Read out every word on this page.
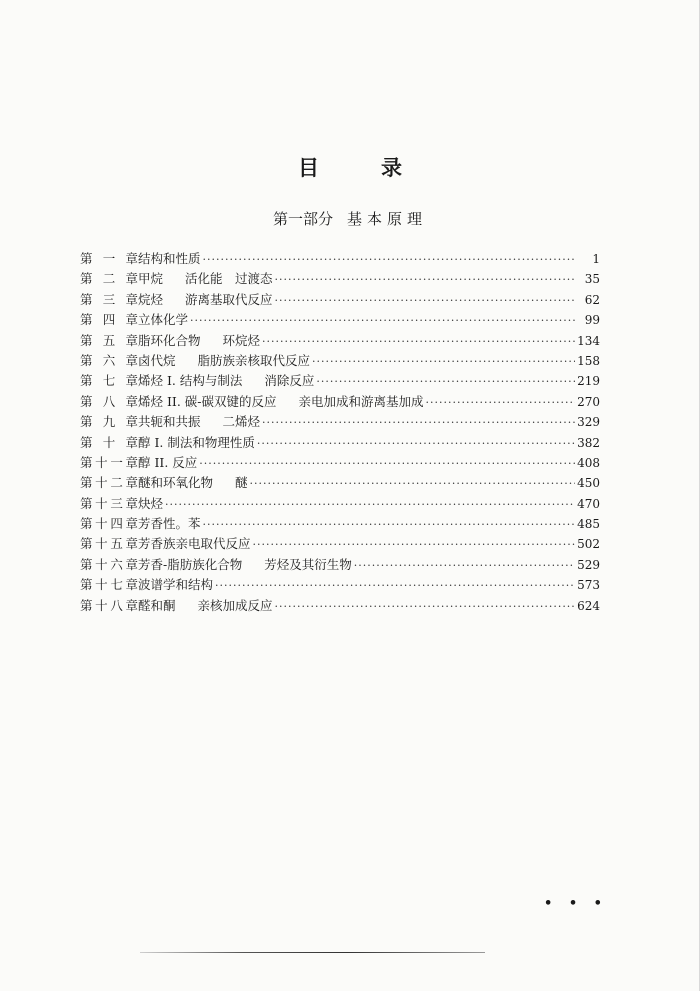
目录
第一部分 基本原理
第一章 结构和性质 ·····	1
第二章 甲烷 活化能　过渡态 ·····	35
第三章 烷烃 游离基取代反应 ·····	62
第四章 立体化学 ·····	99
第五章 脂环化合物 环烷烃 ·····	134
第六章 卤代烷 脂肪族亲核取代反应 ·····	158
第七章 烯烃 I. 结构与制法 消除反应 ·····	219
第八章 烯烃 II. 碳-碳双键的反应 亲电加成和游离基加成 ·····	270
第九章 共轭和共振 二烯烃 ·····	329
第十章 醇 I. 制法和物理性质 ·····	382
第十一章 醇 II. 反应 ·····	408
第十二章 醚和环氧化物 醚 ·····	450
第十三章 炔烃 ·····	470
第十四章 芳香性。苯 ·····	485
第十五章 芳香族亲电取代反应 ·····	502
第十六章 芳香-脂肪族化合物 芳烃及其衍生物 ·····	529
第十七章 波谱学和结构 ·····	573
第十八章 醛和酮 亲核加成反应 ·····	624
• • •
